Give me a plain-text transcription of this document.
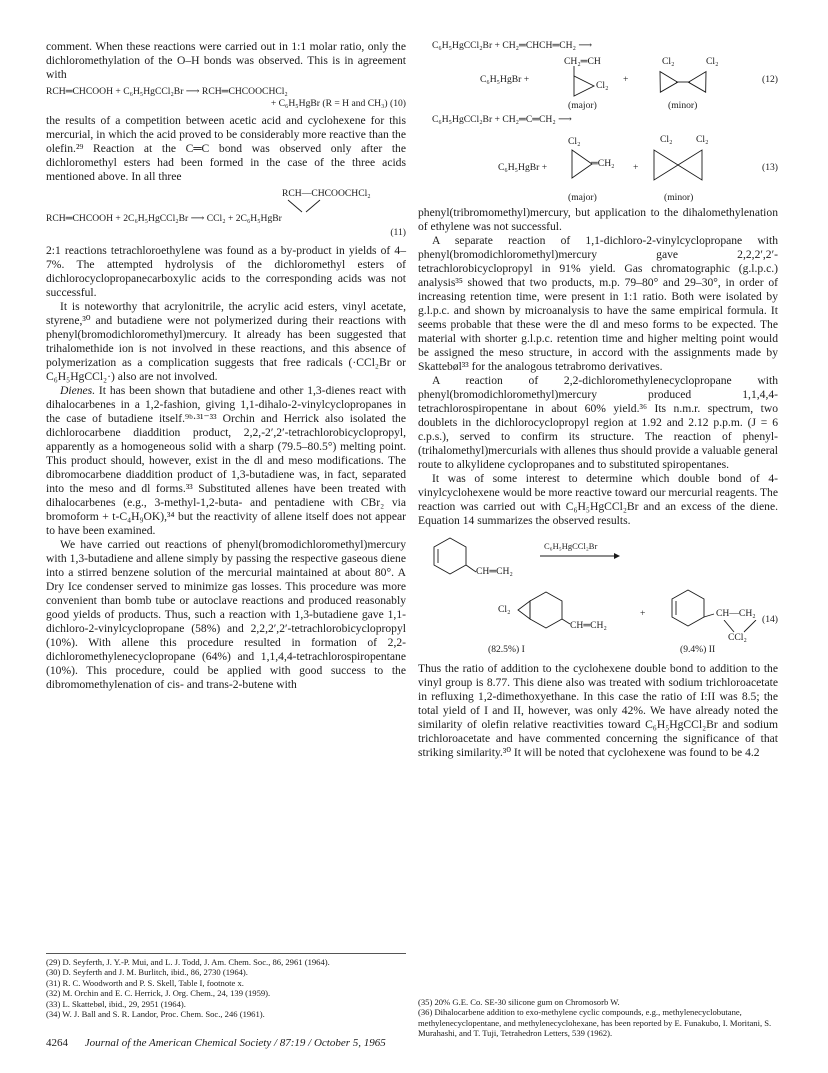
comment. When these reactions were carried out in 1:1 molar ratio, only the dichloromethylation of the O–H bonds was observed. This is in agreement with

RCH═CHCOOH + C₆H₅HgCCl₂Br ⟶ RCH═CHCOOCHCl₂
+ C₆H₅HgBr (R = H and CH₃) (10)

the results of a competition between acetic acid and cyclohexene for this mercurial, in which the acid proved to be considerably more reactive than the olefin.²⁹ Reaction at the C═C bond was observed only after the dichloromethyl esters had been formed in the case of the three acids mentioned above. In all three

RCH—CHCOOCHCl₂
RCH═CHCOOH + 2C₆H₅HgCCl₂Br ⟶ CCl₂ + 2C₆H₅HgBr
(11)

2:1 reactions tetrachloroethylene was found as a by-product in yields of 4–7%. The attempted hydrolysis of the dichloromethyl esters of dichlorocyclopropanecarboxylic acids to the corresponding acids was not successful.

It is noteworthy that acrylonitrile, the acrylic acid esters, vinyl acetate, styrene,³⁰ and butadiene were not polymerized during their reactions with phenyl(bromodichloromethyl)mercury. It already has been suggested that trihalomethide ion is not involved in these reactions, and this absence of polymerization as a complication suggests that free radicals (·CCl₂Br or C₆H₅HgCCl₂·) also are not involved.

Dienes. It has been shown that butadiene and other 1,3-dienes react with dihalocarbenes in a 1,2-fashion, giving 1,1-dihalo-2-vinylcyclopropanes in the case of butadiene itself.⁹ᵇ·³¹⁻³³ Orchin and Herrick also isolated the dichlorocarbene diaddition product, 2,2,-2′,2′-tetrachlorobicyclopropyl, apparently as a homogeneous solid with a sharp (79.5–80.5°) melting point. This product should, however, exist in the dl and meso modifications. The dibromocarbene diaddition product of 1,3-butadiene was, in fact, separated into the meso and dl forms.³³ Substituted allenes have been treated with dihalocarbenes (e.g., 3-methyl-1,2-buta- and pentadiene with CBr₂ via bromoform + t-C₄H₉OK),³⁴ but the reactivity of allene itself does not appear to have been examined.

We have carried out reactions of phenyl(bromodichloromethyl)mercury with 1,3-butadiene and allene simply by passing the respective gaseous diene into a stirred benzene solution of the mercurial maintained at about 80°. A Dry Ice condenser served to minimize gas losses. This procedure was more convenient than bomb tube or autoclave reactions and produced reasonably good yields of products. Thus, such a reaction with 1,3-butadiene gave 1,1-dichloro-2-vinylcyclopropane (58%) and 2,2,2′,2′-tetrachlorobicyclopropyl (10%). With allene this procedure resulted in formation of 2,2-dichloromethylenecyclopropane (64%) and 1,1,4,4-tetrachlorospiropentane (10%). This procedure, could be applied with good success to the dibromomethylenation of cis- and trans-2-butene with

C₆H₅HgCCl₂Br + CH₂═CHCH═CH₂ ⟶
CH₂═CH
C₆H₅HgBr +
Cl₂
+
Cl₂	Cl₂
(12)
(major)	(minor)
C₆H₅HgCCl₂Br + CH₂═C═CH₂ ⟶
Cl₂
C₆H₅HgBr +	═CH₂ +
Cl₂ Cl₂
(13)
(major)	(minor)

phenyl(tribromomethyl)mercury, but application to the dihalomethylenation of ethylene was not successful.

A separate reaction of 1,1-dichloro-2-vinylcyclopropane with phenyl(bromodichloromethyl)mercury gave 2,2,2′,2′-tetrachlorobicyclopropyl in 91% yield. Gas chromatographic (g.l.p.c.) analysis³⁵ showed that two products, m.p. 79–80° and 29–30°, in order of increasing retention time, were present in 1:1 ratio. Both were isolated by g.l.p.c. and shown by microanalysis to have the same empirical formula. It seems probable that these were the dl and meso forms to be expected. The material with shorter g.l.p.c. retention time and higher melting point would be assigned the meso structure, in accord with the assignments made by Skattebøl³³ for the analogous tetrabromo derivatives.

A reaction of 2,2-dichloromethylenecyclopropane with phenyl(bromodichloromethyl)mercury produced 1,1,4,4-tetrachlorospiropentane in about 60% yield.³⁶ Its n.m.r. spectrum, two doublets in the dichlorocyclopropyl region at 1.92 and 2.12 p.p.m. (J = 6 c.p.s.), served to confirm its structure. The reaction of phenyl-(trihalomethyl)mercurials with allenes thus should provide a valuable general route to alkylidene cyclopropanes and to substituted spiropentanes.

It was of some interest to determine which double bond of 4-vinylcyclohexene would be more reactive toward our mercurial reagents. The reaction was carried out with C₆H₅HgCCl₂Br and an excess of the diene. Equation 14 summarizes the observed results.

CH═CH₂
C₆H₅HgCCl₂Br
Cl₂
CH═CH₂
+	CH—CH₂
CCl₂
(14)
(82.5%) I	(9.4%) II

Thus the ratio of addition to the cyclohexene double bond to addition to the vinyl group is 8.77. This diene also was treated with sodium trichloroacetate in refluxing 1,2-dimethoxyethane. In this case the ratio of I:II was 8.5; the total yield of I and II, however, was only 42%. We have already noted the similarity of olefin relative reactivities toward C₆H₅HgCCl₂Br and sodium trichloroacetate and have commented concerning the significance of that striking similarity.³⁰ It will be noted that cyclohexene was found to be 4.2

(29) D. Seyferth, J. Y.-P. Mui, and L. J. Todd, J. Am. Chem. Soc., 86, 2961 (1964).
(30) D. Seyferth and J. M. Burlitch, ibid., 86, 2730 (1964).
(31) R. C. Woodworth and P. S. Skell, Table I, footnote x.
(32) M. Orchin and E. C. Herrick, J. Org. Chem., 24, 139 (1959).
(33) L. Skattebøl, ibid., 29, 2951 (1964).
(34) W. J. Ball and S. R. Landor, Proc. Chem. Soc., 246 (1961).
(35) 20% G.E. Co. SE-30 silicone gum on Chromosorb W.
(36) Dihalocarbene addition to exo-methylene cyclic compounds, e.g., methylenecyclobutane, methylenecyclopentane, and methylenecyclohexane, has been reported by E. Funakubo, I. Moritani, S. Murahashi, and T. Tuji, Tetrahedron Letters, 539 (1962).
4264 Journal of the American Chemical Society / 87:19 / October 5, 1965
